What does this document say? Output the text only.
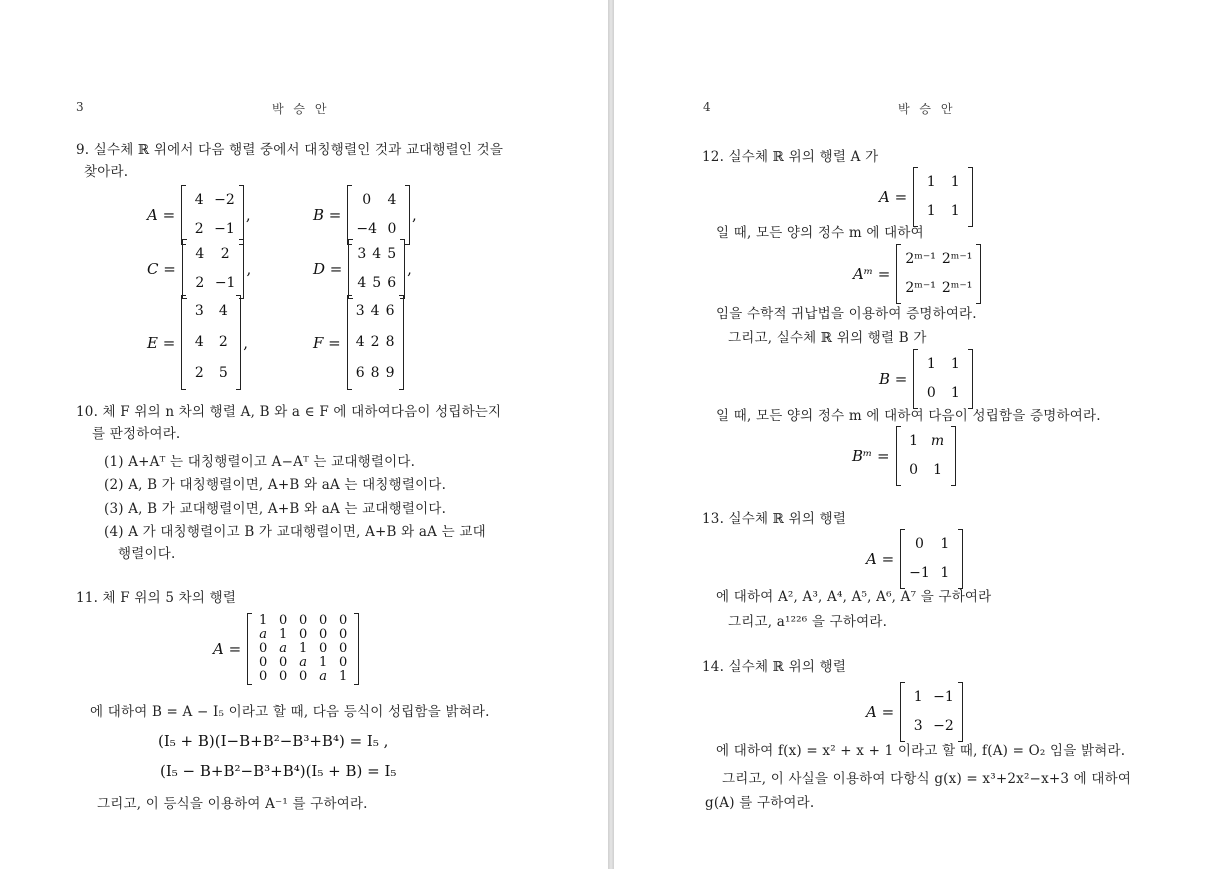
3	박 승 안
9. 실수체 ℝ 위에서 다음 행렬 중에서 대칭행렬인 것과 교대행렬인 것을
찾아라.
A =
4	−2
2	−1
,	B =
0	4
−4	0
,
C =
4	2
2	−1
,	D =
3	4	5
4	5	6
,
E =
3	4
4	2
2	5
,	F =
3	4	6
4	2	8
6	8	9
10. 체 F 위의 n 차의 행렬 A, B 와 a ∈ F 에 대하여다음이 성립하는지
를 판정하여라.
(1) A+Aᵀ 는 대칭행렬이고 A−Aᵀ 는 교대행렬이다.
(2) A, B 가 대칭행렬이면, A+B 와 aA 는 대칭행렬이다.
(3) A, B 가 교대행렬이면, A+B 와 aA 는 교대행렬이다.
(4) A 가 대칭행렬이고 B 가 교대행렬이면, A+B 와 aA 는 교대
행렬이다.
11. 체 F 위의 5 차의 행렬
A =
1	0	0	0	0
a	1	0	0	0
0	a	1	0	0
0	0	a	1	0
0	0	0	a	1
에 대하여 B = A − I₅ 이라고 할 때, 다음 등식이 성립함을 밝혀라.
(I₅ + B)(I−B+B²−B³+B⁴) = I₅ ,
(I₅ − B+B²−B³+B⁴)(I₅ + B) = I₅
그리고, 이 등식을 이용하여 A⁻¹ 를 구하여라.
4	박 승 안
12. 실수체 ℝ 위의 행렬 A 가
A =
1	1
1	1
일 때, 모든 양의 정수 m 에 대하여
Aᵐ =
2ᵐ⁻¹	2ᵐ⁻¹
2ᵐ⁻¹	2ᵐ⁻¹
임을 수학적 귀납법을 이용하여 증명하여라.
그리고, 실수체 ℝ 위의 행렬 B 가
B =
1	1
0	1
일 때, 모든 양의 정수 m 에 대하여 다음이 성립함을 증명하여라.
Bᵐ =
1	m
0	1
13. 실수체 ℝ 위의 행렬
A =
0	1
−1	1
에 대하여 A², A³, A⁴, A⁵, A⁶, A⁷ 을 구하여라
그리고, a¹²²⁶ 을 구하여라.
14. 실수체 ℝ 위의 행렬
A =
1	−1
3	−2
에 대하여 f(x) = x² + x + 1 이라고 할 때, f(A) = O₂ 임을 밝혀라.
그리고, 이 사실을 이용하여 다항식 g(x) = x³+2x²−x+3 에 대하여
g(A) 를 구하여라.
